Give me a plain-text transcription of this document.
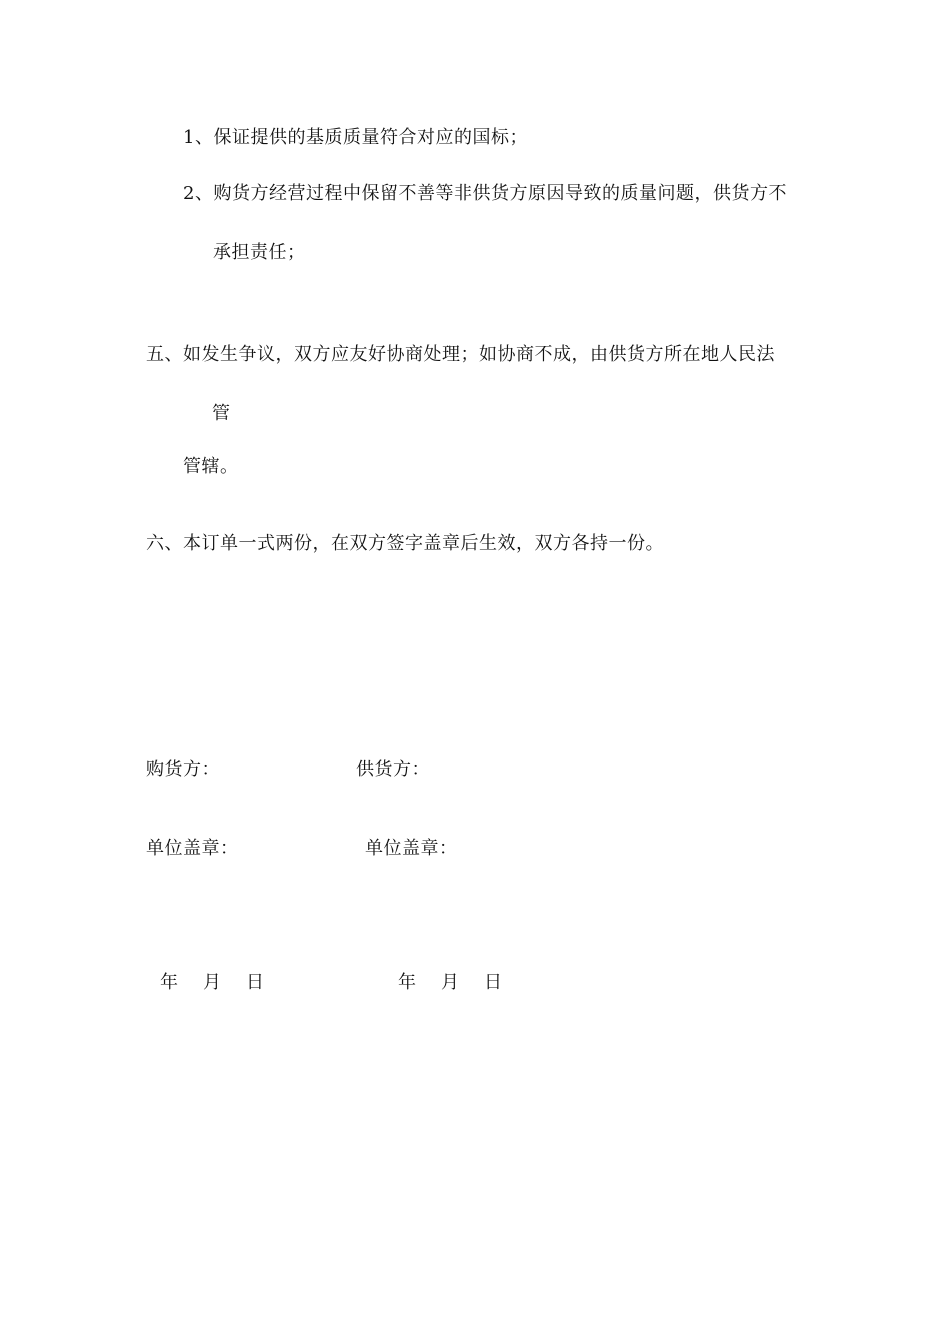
1、保证提供的基质质量符合对应的国标；
2、购货方经营过程中保留不善等非供货方原因导致的质量问题，供货方不
承担责任；
五、如发生争议，双方应友好协商处理；如协商不成，由供货方所在地人民法
管
管辖。
六、本订单一式两份，在双方签字盖章后生效，双方各持一份。
购货方：	供货方：
单位盖章：	单位盖章：
年 月 日	年 月 日
